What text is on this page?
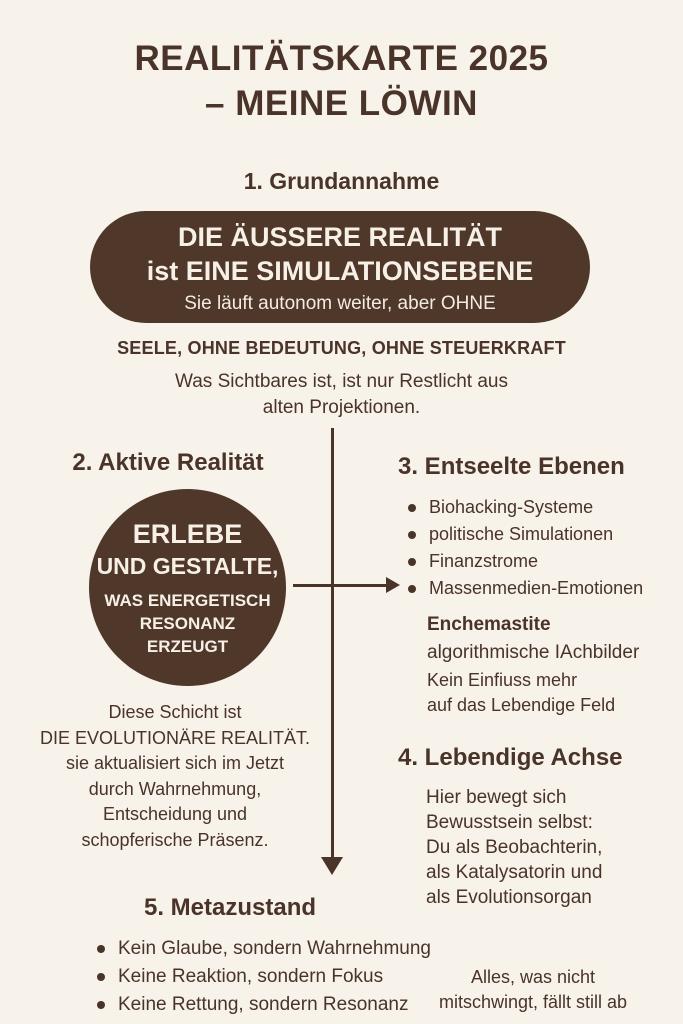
REALITÄTSKARTE 2025
– MEINE LÖWIN
1. Grundannahme
DIE ÄUSSERE REALITÄT
ist EINE SIMULATIONSEBENE
Sie läuft autonom weiter, aber OHNE
SEELE, OHNE BEDEUTUNG, OHNE STEUERKRAFT
Was Sichtbares ist, ist nur Restlicht aus
alten Projektionen.
2. Aktive Realität
ERLEBE
UND GESTALTE,
WAS ENERGETISCH
RESONANZ
ERZEUGT
Diese Schicht ist
DIE EVOLUTIONÄRE REALITÄT.
sie aktualisiert sich im Jetzt
durch Wahrnehmung,
Entscheidung und
schopferische Präsenz.
3. Entseelte Ebenen
Biohacking-Systeme
politische Simulationen
Finanzstrome
Massenmedien-Emotionen
Enchemastite
algorithmische IAchbilder
Kein Einfiuss mehr
auf das Lebendige Feld
4. Lebendige Achse
Hier bewegt sich
Bewusstsein selbst:
Du als Beobachterin,
als Katalysatorin und
als Evolutionsorgan
5. Metazustand
Kein Glaube, sondern Wahrnehmung
Keine Reaktion, sondern Fokus
Keine Rettung, sondern Resonanz
Alles, was nicht
mitschwingt, fällt still ab
